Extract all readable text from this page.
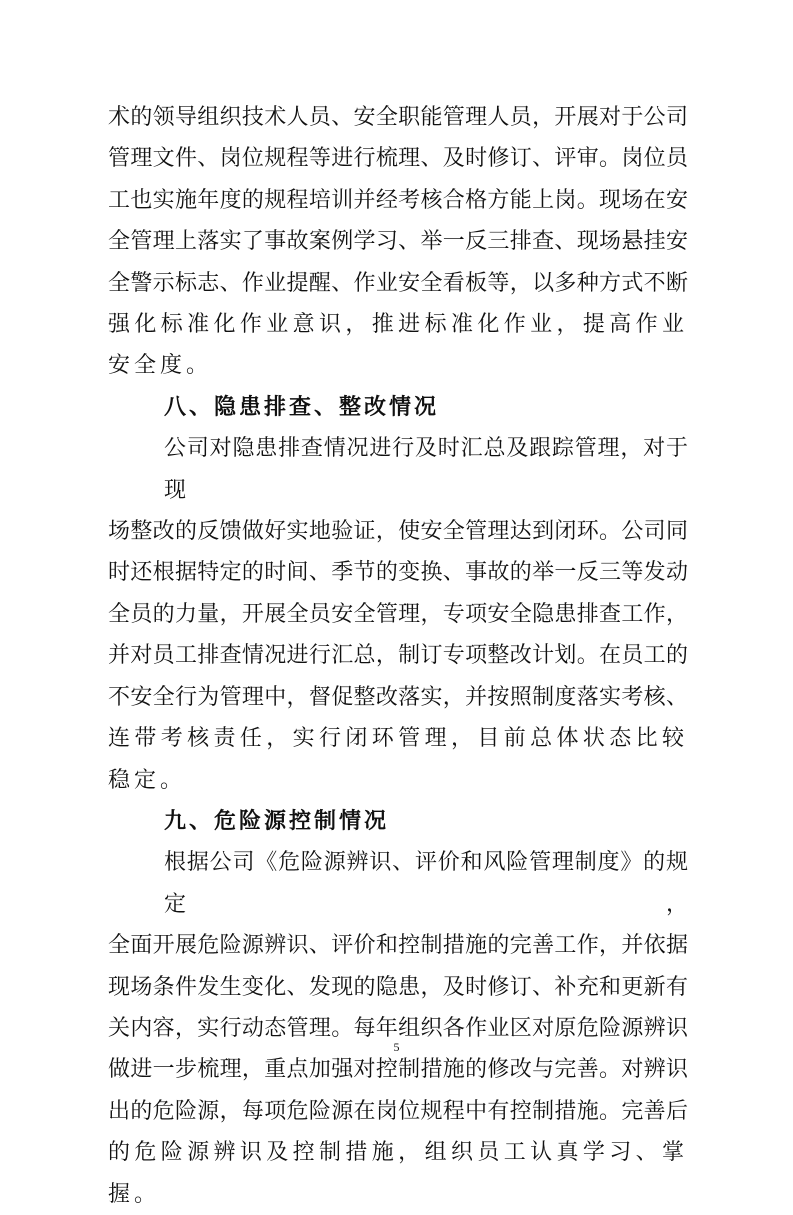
术的领导组织技术人员、安全职能管理人员，开展对于公司
管理文件、岗位规程等进行梳理、及时修订、评审。岗位员
工也实施年度的规程培训并经考核合格方能上岗。现场在安
全管理上落实了事故案例学习、举一反三排查、现场悬挂安
全警示标志、作业提醒、作业安全看板等，以多种方式不断
强化标准化作业意识，推进标准化作业，提高作业安全度。
八、隐患排查、整改情况
公司对隐患排查情况进行及时汇总及跟踪管理，对于现
场整改的反馈做好实地验证，使安全管理达到闭环。公司同
时还根据特定的时间、季节的变换、事故的举一反三等发动
全员的力量，开展全员安全管理，专项安全隐患排查工作，
并对员工排查情况进行汇总，制订专项整改计划。在员工的
不安全行为管理中，督促整改落实，并按照制度落实考核、
连带考核责任，实行闭环管理，目前总体状态比较稳定。
九、危险源控制情况
根据公司《危险源辨识、评价和风险管理制度》的规定，
全面开展危险源辨识、评价和控制措施的完善工作，并依据
现场条件发生变化、发现的隐患，及时修订、补充和更新有
关内容，实行动态管理。每年组织各作业区对原危险源辨识
做进一步梳理，重点加强对控制措施的修改与完善。对辨识
出的危险源，每项危险源在岗位规程中有控制措施。完善后
的危险源辨识及控制措施，组织员工认真学习、掌握。
5
